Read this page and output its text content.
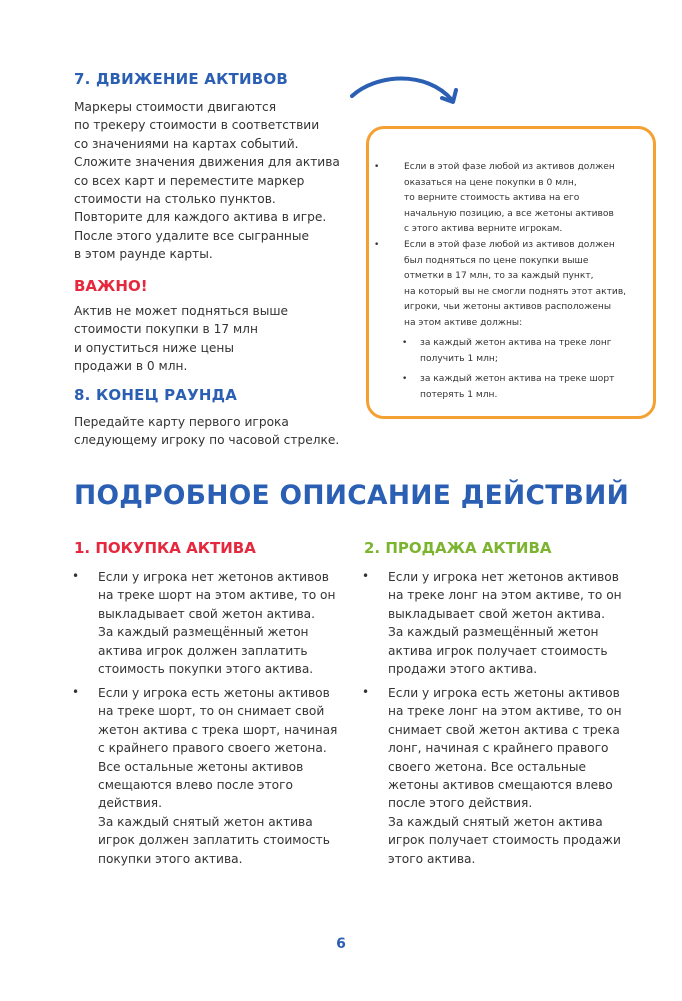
7. ДВИЖЕНИЕ АКТИВОВ
Маркеры стоимости двигаются
по трекеру стоимости в соответствии
со значениями на картах событий.
Сложите значения движения для актива
со всех карт и переместите маркер
стоимости на столько пунктов.
Повторите для каждого актива в игре.
После этого удалите все сыгранные
в этом раунде карты.
ВАЖНО!
Актив не может подняться выше
стоимости покупки в 17 млн
и опуститься ниже цены
продажи в 0 млн.
8. КОНЕЦ РАУНДА
Передайте карту первого игрока
следующему игроку по часовой стрелке.
•	Если в этой фазе любой из активов должен
оказаться на цене покупки в 0 млн,
то верните стоимость актива на его
начальную позицию, а все жетоны активов
с этого актива верните игрокам.
•	Если в этой фазе любой из активов должен
был подняться по цене покупки выше
отметки в 17 млн, то за каждый пункт,
на который вы не смогли поднять этот актив,
игроки, чьи жетоны активов расположены
на этом активе должны:
• за каждый жетон актива на треке лонг
получить 1 млн;
• за каждый жетон актива на треке шорт
потерять 1 млн.
ПОДРОБНОЕ ОПИСАНИЕ ДЕЙСТВИЙ
1. ПОКУПКА АКТИВА
• Если у игрока нет жетонов активов
на треке шорт на этом активе, то он
выкладывает свой жетон актива.
За каждый размещённый жетон
актива игрок должен заплатить
стоимость покупки этого актива.
• Если у игрока есть жетоны активов
на треке шорт, то он снимает свой
жетон актива с трека шорт, начиная
с крайнего правого своего жетона.
Все остальные жетоны активов
смещаются влево после этого
действия.
За каждый снятый жетон актива
игрок должен заплатить стоимость
покупки этого актива.
2. ПРОДАЖА АКТИВА
• Если у игрока нет жетонов активов
на треке лонг на этом активе, то он
выкладывает свой жетон актива.
За каждый размещённый жетон
актива игрок получает стоимость
продажи этого актива.
• Если у игрока есть жетоны активов
на треке лонг на этом активе, то он
снимает свой жетон актива с трека
лонг, начиная с крайнего правого
своего жетона. Все остальные
жетоны активов смещаются влево
после этого действия.
За каждый снятый жетон актива
игрок получает стоимость продажи
этого актива.
6
